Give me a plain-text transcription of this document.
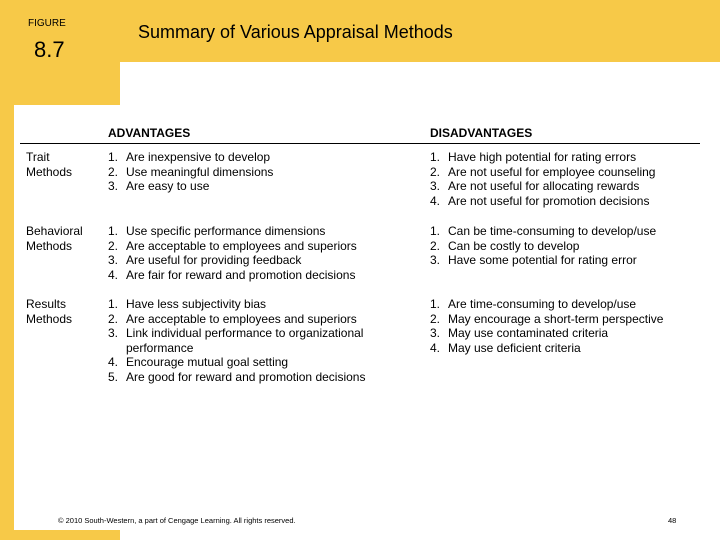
FIGURE
8.7
Summary of Various Appraisal Methods
ADVANTAGES	DISADVANTAGES
Trait
Methods
1. Are inexpensive to develop
2. Use meaningful dimensions
3. Are easy to use
1. Have high potential for rating errors
2. Are not useful for employee counseling
3. Are not useful for allocating rewards
4. Are not useful for promotion decisions
Behavioral
Methods
1. Use specific performance dimensions
2. Are acceptable to employees and superiors
3. Are useful for providing feedback
4. Are fair for reward and promotion decisions
1. Can be time-consuming to develop/use
2. Can be costly to develop
3. Have some potential for rating error
Results
Methods
1. Have less subjectivity bias
2. Are acceptable to employees and superiors
3. Link individual performance to organizational performance
4. Encourage mutual goal setting
5. Are good for reward and promotion decisions
1. Are time-consuming to develop/use
2. May encourage a short-term perspective
3. May use contaminated criteria
4. May use deficient criteria
© 2010 South-Western, a part of Cengage Learning. All rights reserved.	48
